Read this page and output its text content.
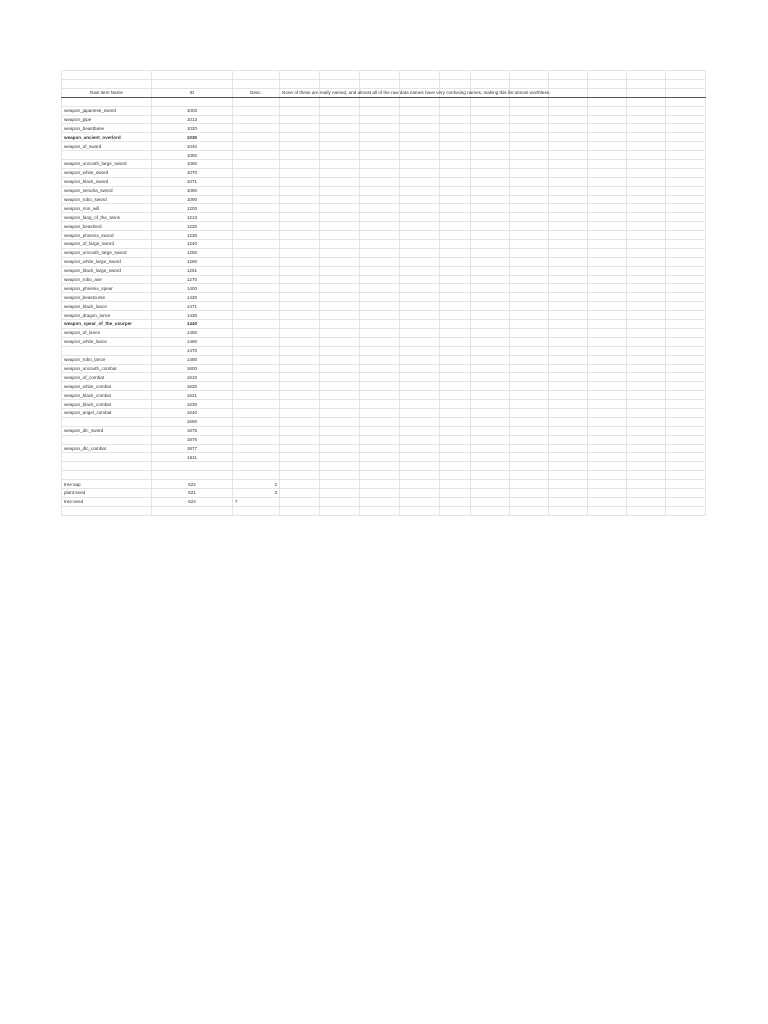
Raw Item Name	ID	Desc.	None of these are really named, and almost all of the raw data names have very confusing names, making this list almost worthless.										

weapon_japanese_sword	1003												
weapon_pipe	1013												
weapon_beastbane	1020												
weapon_ancient_overlord	1030												
weapon_of_sword	1040												
	1050												
weapon_uncouth_large_sword	1060												
weapon_white_sword	1070												
weapon_black_sword	1071												
weapon_senuha_sword	1080												
weapon_robo_sword	1090												
weapon_iron_will	1203												
weapon_fang_of_the_twins	1213												
weapon_beastlord	1220												
weapon_phoenix_sword	1230												
weapon_of_large_sword	1240												
weapon_uncouth_large_sword	1250												
weapon_white_large_sword	1260												
weapon_black_large_sword	1261												
weapon_robo_axe	1270												
weapon_phoenix_spear	1400												
weapon_beastcurse	1420												
weapon_black_lance	1471												
weapon_dragon_lance	1430												
weapon_spear_of_the_usurper	1440												
weapon_of_lance	1450												
weapon_white_lance	1460												
	1470												
weapon_robo_lance	1480												
weapon_uncouth_combat	1600												
weapon_of_combat	1610												
weapon_white_combat	1620												
weapon_black_combat	1621												
weapon_black_combat	1630												
weapon_angel_combat	1640												
	1650												
weapon_dlc_sword	1875												
	1876												
weapon_dlc_combat	1877												
	1611												

tree:sap	622	2											
plant:seed	621	3											
tree:seed	624	7											
